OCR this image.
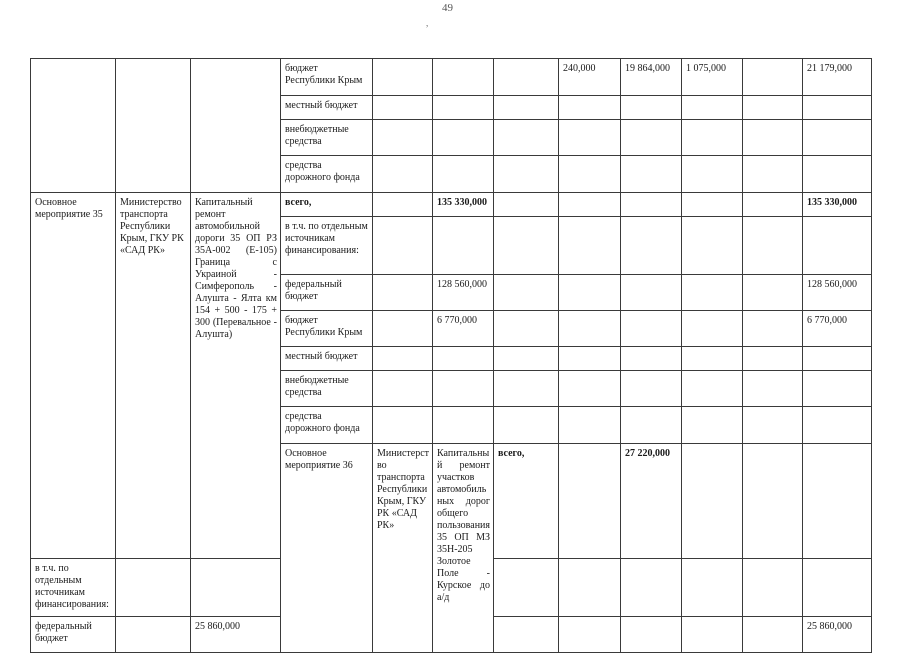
49
,
			бюджет Республики Крым				240,000	19 864,000	1 075,000		21 179,000	
			местный бюджет									
			внебюджетные средства									
			средства дорожного фонда									
Основное мероприятие 35	Министерство транспорта Республики Крым, ГКУ РК «САД РК»	Капитальный ремонт автомобильной дороги 35 ОП РЗ 35А-002 (Е-105) Граница с Украиной - Симферополь - Алушта - Ялта км 154 + 500 - 175 + 300 (Перевальное - Алушта)	всего,		135 330,000						135 330,000	
			в т.ч. по отдельным источникам финансирования:									
			федеральный бюджет		128 560,000						128 560,000	
			бюджет Республики Крым		6 770,000						6 770,000	
			местный бюджет									
			внебюджетные средства									
			средства дорожного фонда									
			Основное мероприятие 36	Министерство транспорта Республики Крым, ГКУ РК «САД РК»	Капитальный ремонт участков автомобильных дорог общего пользования 35 ОП МЗ 35Н-205 Золотое Поле - Курское до а/д	всего,		27 220,000						
в т.ч. по отдельным источникам финансирования:												
федеральный бюджет		25 860,000									25 860,000	
